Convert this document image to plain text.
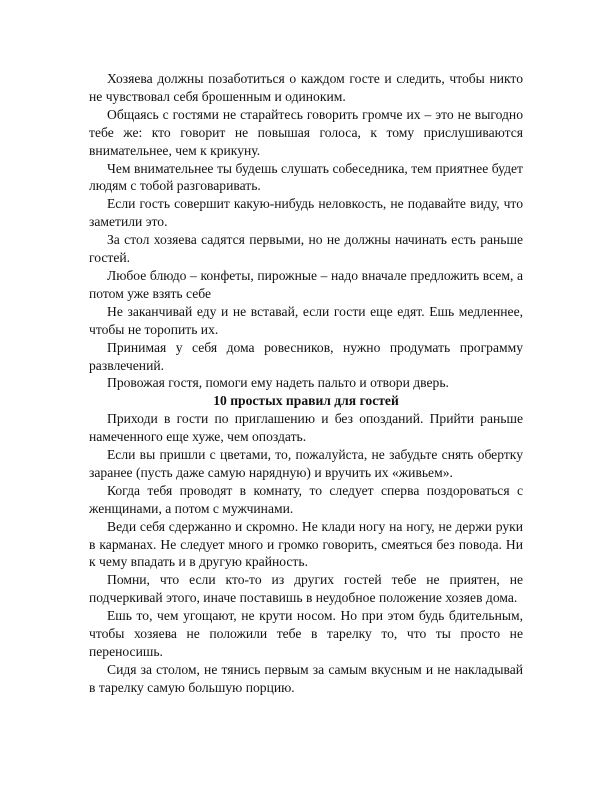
Хозяева должны позаботиться о каждом госте и следить, чтобы никто не чувствовал себя брошенным и одиноким.

Общаясь с гостями не старайтесь говорить громче их – это не выгодно тебе же: кто говорит не повышая голоса, к тому прислушиваются внимательнее, чем к крикуну.

Чем внимательнее ты будешь слушать собеседника, тем приятнее будет людям с тобой разговаривать.

Если гость совершит какую-нибудь неловкость, не подавайте виду, что заметили это.

За стол хозяева садятся первыми, но не должны начинать есть раньше гостей.

Любое блюдо – конфеты, пирожные – надо вначале предложить всем, а потом уже взять себе

Не заканчивай еду и не вставай, если гости еще едят. Ешь медленнее, чтобы не торопить их.

Принимая у себя дома ровесников, нужно продумать программу развлечений.

Провожая гостя, помоги ему надеть пальто и отвори дверь.

10 простых правил для гостей

Приходи в гости по приглашению и без опозданий. Прийти раньше намеченного еще хуже, чем опоздать.

Если вы пришли с цветами, то, пожалуйста, не забудьте снять обертку заранее (пусть даже самую нарядную) и вручить их «живьем».

Когда тебя проводят в комнату, то следует сперва поздороваться с женщинами, а потом с мужчинами.

Веди себя сдержанно и скромно. Не клади ногу на ногу, не держи руки в карманах. Не следует много и громко говорить, смеяться без повода. Ни к чему впадать и в другую крайность.

Помни, что если кто-то из других гостей тебе не приятен, не подчеркивай этого, иначе поставишь в неудобное положение хозяев дома.

Ешь то, чем угощают, не крути носом. Но при этом будь бдительным, чтобы хозяева не положили тебе в тарелку то, что ты просто не переносишь.

Сидя за столом, не тянись первым за самым вкусным и не накладывай в тарелку самую большую порцию.
